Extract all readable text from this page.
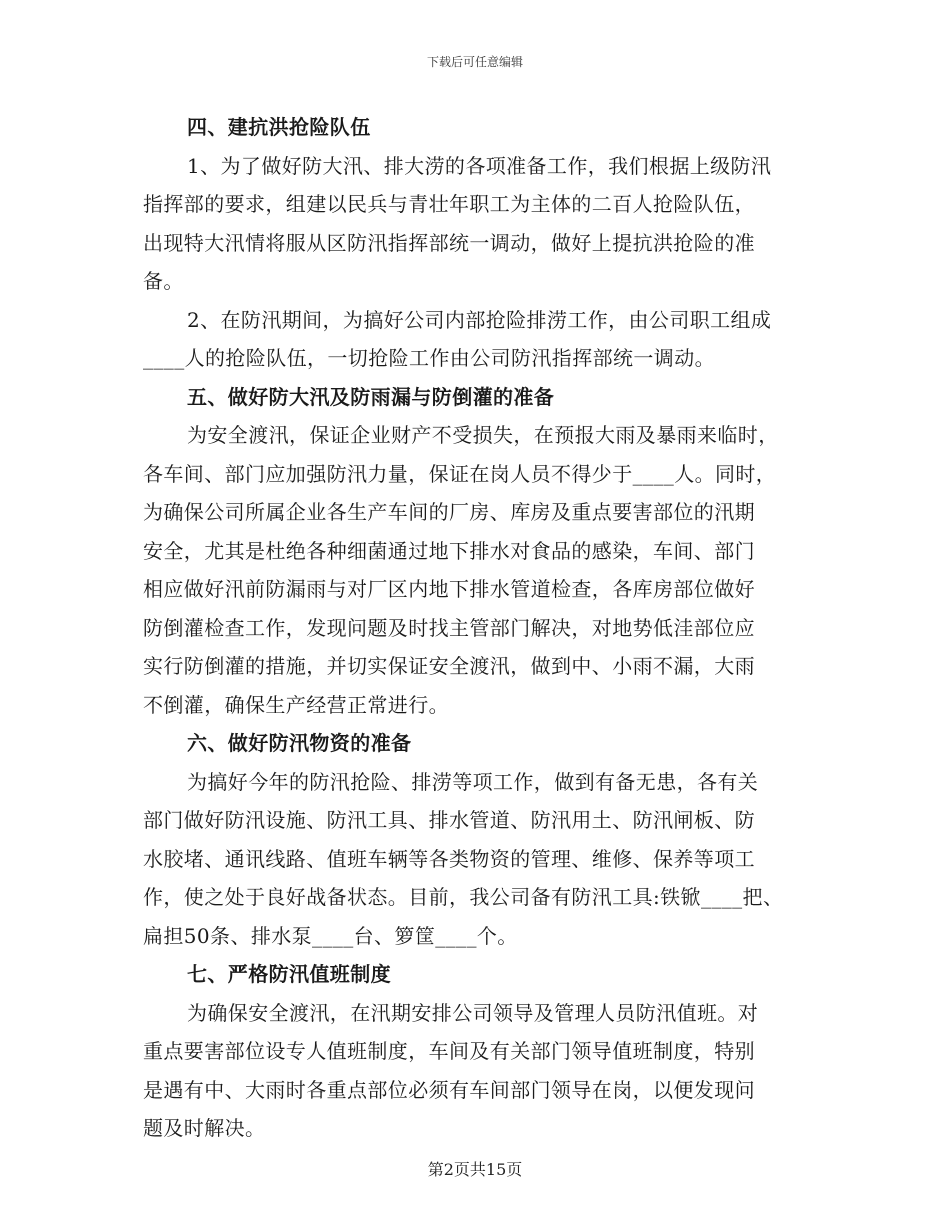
下载后可任意编辑
四、建抗洪抢险队伍
1、为了做好防大汛、排大涝的各项准备工作，我们根据上级防汛
指挥部的要求，组建以民兵与青壮年职工为主体的二百人抢险队伍，
出现特大汛情将服从区防汛指挥部统一调动，做好上提抗洪抢险的准
备。
2、在防汛期间，为搞好公司内部抢险排涝工作，由公司职工组成
____人的抢险队伍，一切抢险工作由公司防汛指挥部统一调动。
五、做好防大汛及防雨漏与防倒灌的准备
为安全渡汛，保证企业财产不受损失，在预报大雨及暴雨来临时，
各车间、部门应加强防汛力量，保证在岗人员不得少于____人。同时，
为确保公司所属企业各生产车间的厂房、库房及重点要害部位的汛期
安全，尤其是杜绝各种细菌通过地下排水对食品的感染，车间、部门
相应做好汛前防漏雨与对厂区内地下排水管道检查，各库房部位做好
防倒灌检查工作，发现问题及时找主管部门解决，对地势低洼部位应
实行防倒灌的措施，并切实保证安全渡汛，做到中、小雨不漏，大雨
不倒灌，确保生产经营正常进行。
六、做好防汛物资的准备
为搞好今年的防汛抢险、排涝等项工作，做到有备无患，各有关
部门做好防汛设施、防汛工具、排水管道、防汛用土、防汛闸板、防
水胶堵、通讯线路、值班车辆等各类物资的管理、维修、保养等项工
作，使之处于良好战备状态。目前，我公司备有防汛工具:铁锨____把、
扁担50条、排水泵____台、箩筐____个。
七、严格防汛值班制度
为确保安全渡汛，在汛期安排公司领导及管理人员防汛值班。对
重点要害部位设专人值班制度，车间及有关部门领导值班制度，特别
是遇有中、大雨时各重点部位必须有车间部门领导在岗，以便发现问
题及时解决。
第2页共15页
